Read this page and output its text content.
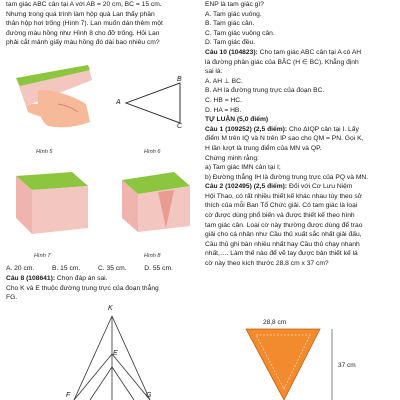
tam giác ABC cân tại A với AB = 20 cm, BC = 15 cm.

Nhưng trong quá trình làm hộp quà Lan thấy phần

thân hộp hơi trống (Hình 7). Lan muốn dán thêm một

đường màu hồng như Hình 8 cho đỡ trống. Hỏi Lan

phải cắt mảnh giấy màu hồng đó dài bao nhiêu cm?

Hình 5
A
B
C
Hình 6
Hình 7	Hình 8
A. 20 cm.	B. 15 cm.	C. 35 cm.	D. 55 cm.

Câu 8 (108641): Chọn đáp án sai.

Cho K và E thuộc đường trung trực của đoạn thẳng

FG.

K
E
F	G

ENP là tam giác gì?

A. Tam giác vuông.

B. Tam giác cân.

C. Tam giác vuông cân.

D. Tam giác đều.

Câu 10 (104823): Cho tam giác ABC cân tại A có AH

là đường phân giác của BÂC (H ∈ BC). Khẳng định

sai là:

A. AH ⊥ BC.

B. AH là đường trung trực của đoạn BC.

C. HB = HC.

D. HA = HB.

TỰ LUẬN (5,0 điểm)

Câu 1 (109252) (2,5 điểm): Cho ΔIQP cân tại I. Lấy

điểm M trên IQ và N trên IP sao cho QM = PN. Gọi K,

H lần lượt là trung điểm của MN và QP.

Chứng minh rằng:

a) Tam giác IMN cân tại I;

b) Đường thẳng IH là đường trung trực của PQ và MN.

Câu 2 (102495) (2,5 điểm): Đối với Cơ Lưu Niệm

Hội Thao, có rất nhiều thiết kế khác nhau tùy theo sở

thích của mỗi Ban Tổ Chức giải. Có tam giác là loại

cờ được dùng phổ biến và được thiết kế theo hình

tam giác cân. Loại cờ này thường được dùng để trao

giải cho cá nhân như Cầu thủ xuất sắc nhất giải đấu,

Cầu thủ ghi bàn nhiều nhất hay Cầu thủ chạy nhanh

nhất,…. Làm thế nào để vẽ tay được bản thiết kế lá

cờ này theo kích thước 28,8 cm x 37 cm?

28,8 cm
37 cm
